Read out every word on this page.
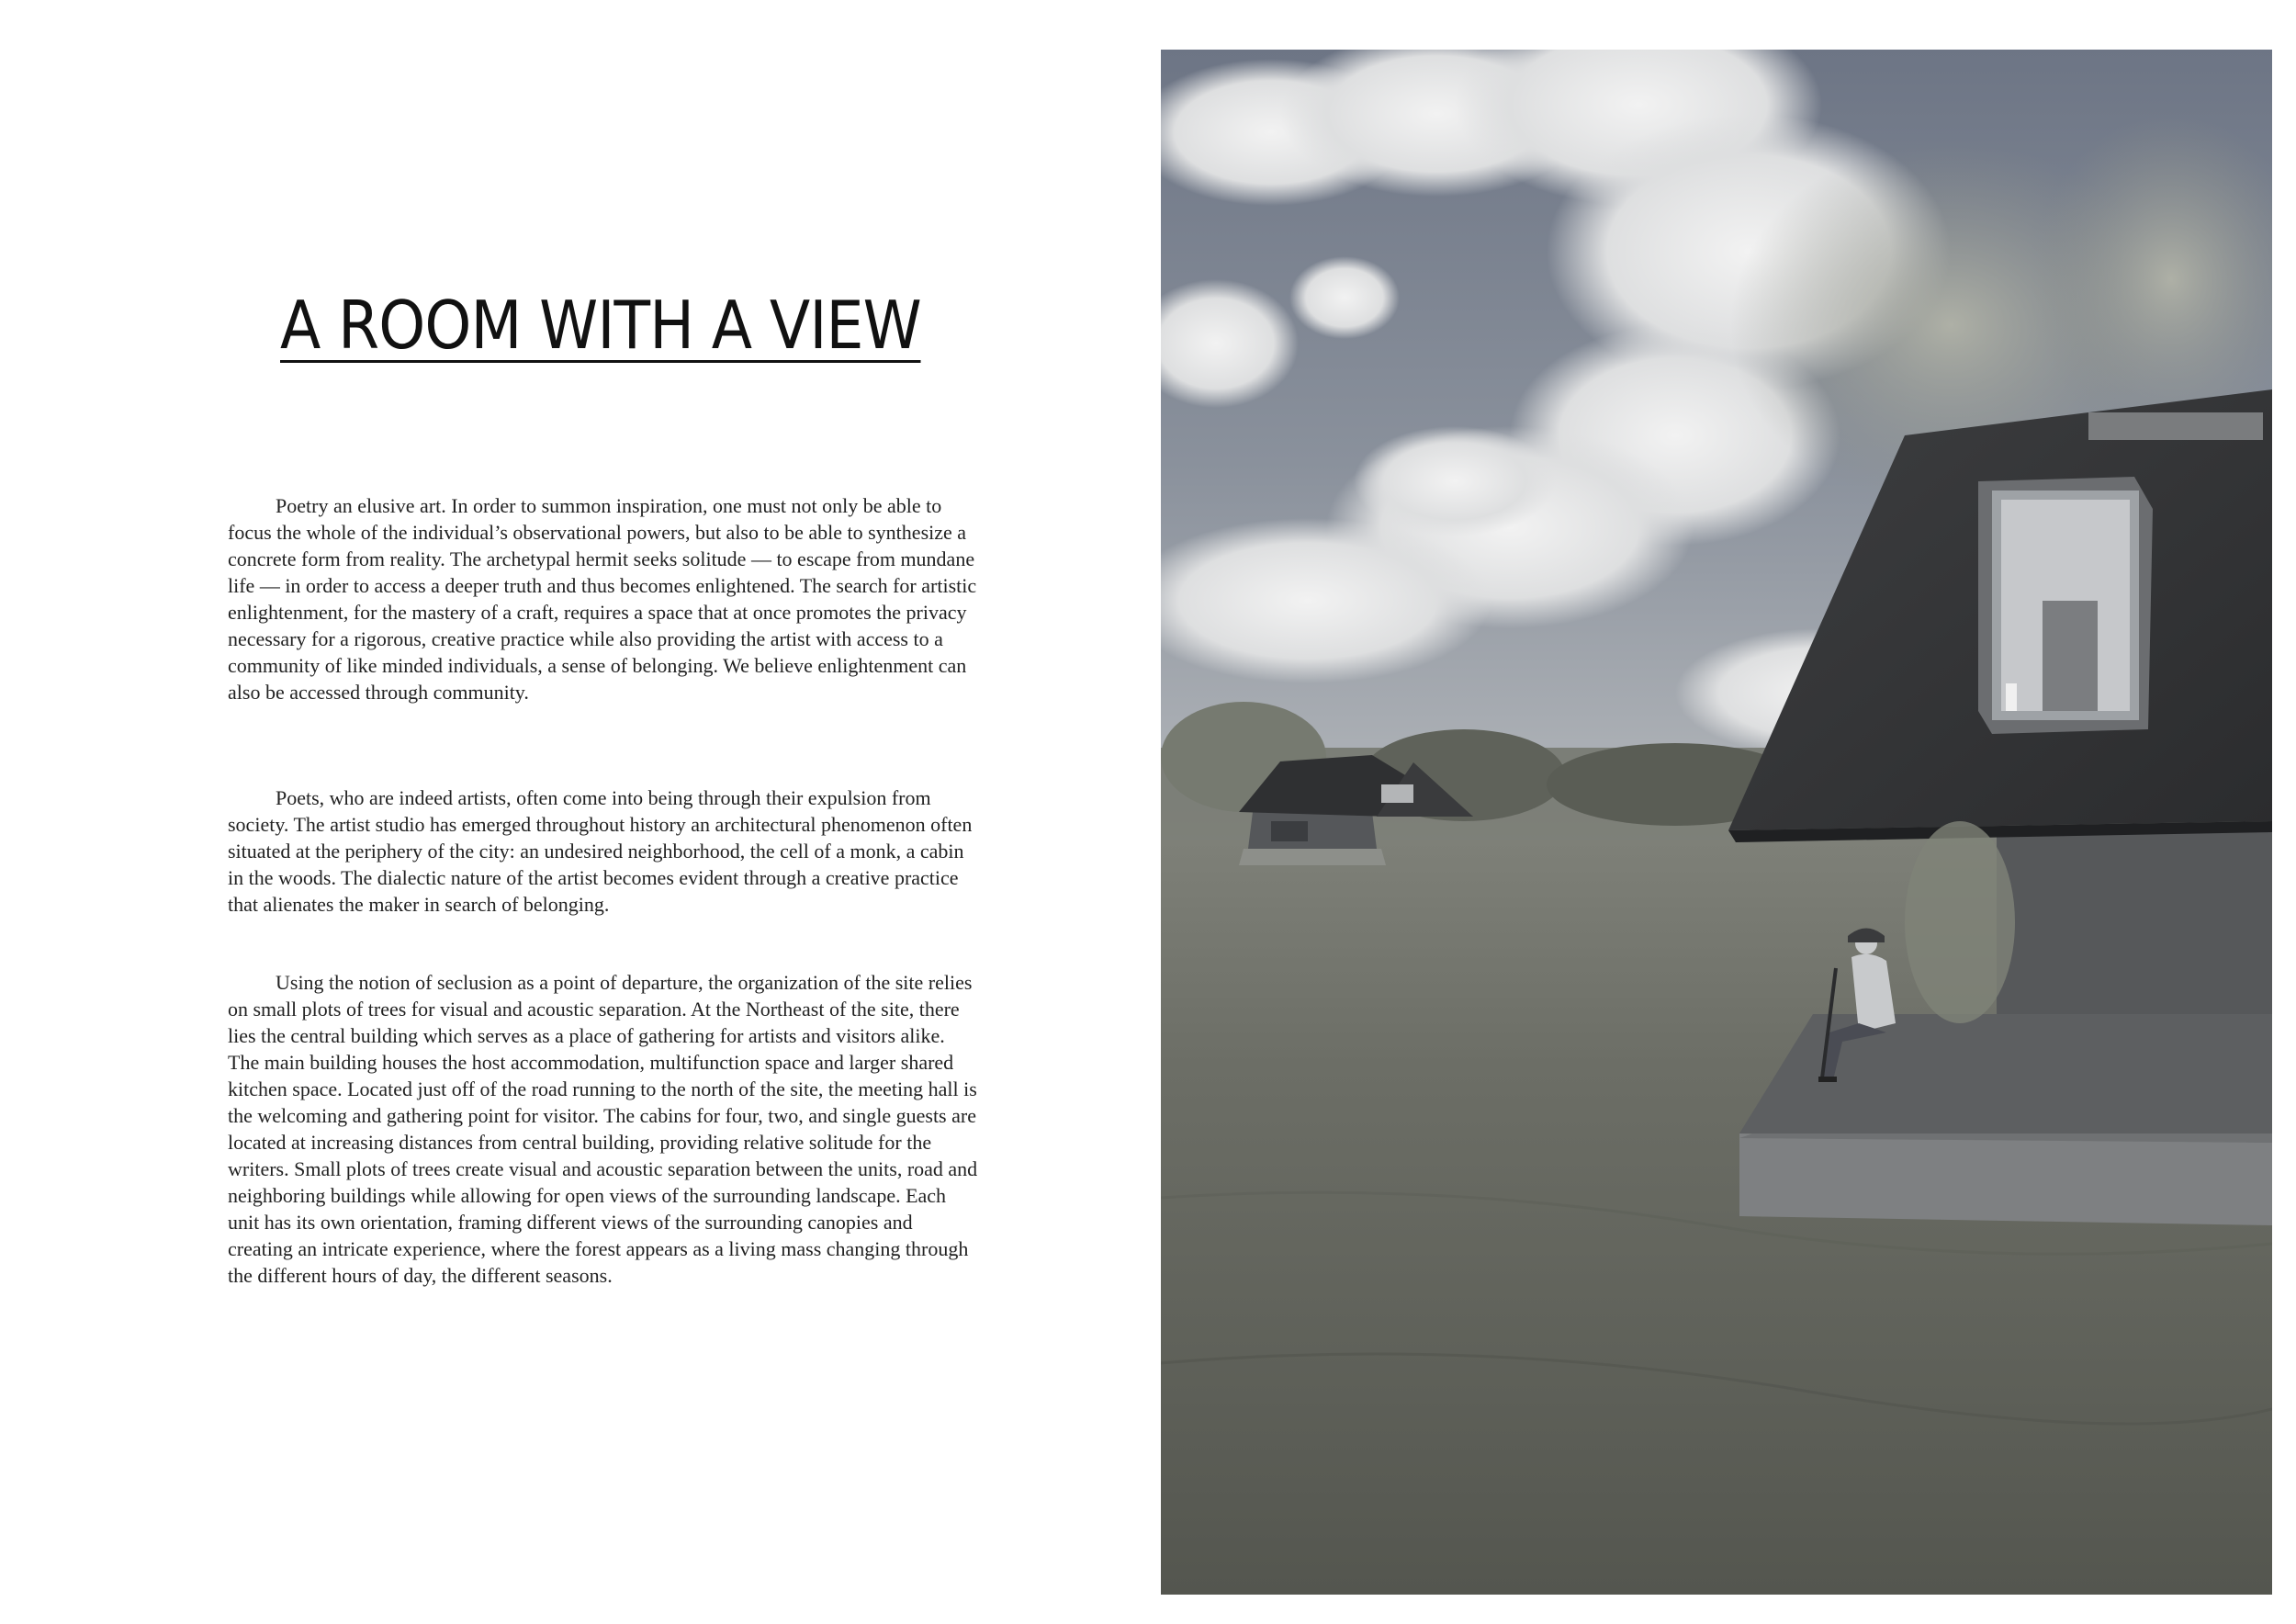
A ROOM WITH A VIEW

Poetry an elusive art. In order to summon inspiration, one must not only be able to focus the whole of the individual’s observational powers, but also to be able to synthesize a concrete form from reality. The archetypal hermit seeks solitude — to escape from mundane life — in order to access a deeper truth and thus becomes enlightened. The search for artistic enlightenment, for the mastery of a craft, requires a space that at once promotes the privacy necessary for a rigorous, creative practice while also providing the artist with access to a community of like minded individuals, a sense of belonging. We believe enlightenment can also be accessed through community.

Poets, who are indeed artists, often come into being through their expulsion from society. The artist studio has emerged throughout history an architectural phenomenon often situated at the periphery of the city: an undesired neighborhood, the cell of a monk, a cabin in the woods. The dialectic nature of the artist becomes evident through a creative practice that alienates the maker in search of belonging.

Using the notion of seclusion as a point of departure, the organization of the site relies on small plots of trees for visual and acoustic separation. At the Northeast of the site, there lies the central building which serves as a place of gathering for artists and visitors alike. The main building houses the host accommodation, multifunction space and larger shared kitchen space. Located just off of the road running to the north of the site, the meeting hall is the welcoming and gathering point for visitor. The cabins for four, two, and single guests are located at increasing distances from central building, providing relative solitude for the writers. Small plots of trees create visual and acoustic separation between the units, road and neighboring buildings while allowing for open views of the surrounding landscape. Each unit has its own orientation, framing different views of the surrounding canopies and creating an intricate experience, where the forest appears as a living mass changing through the different hours of day, the different seasons.
